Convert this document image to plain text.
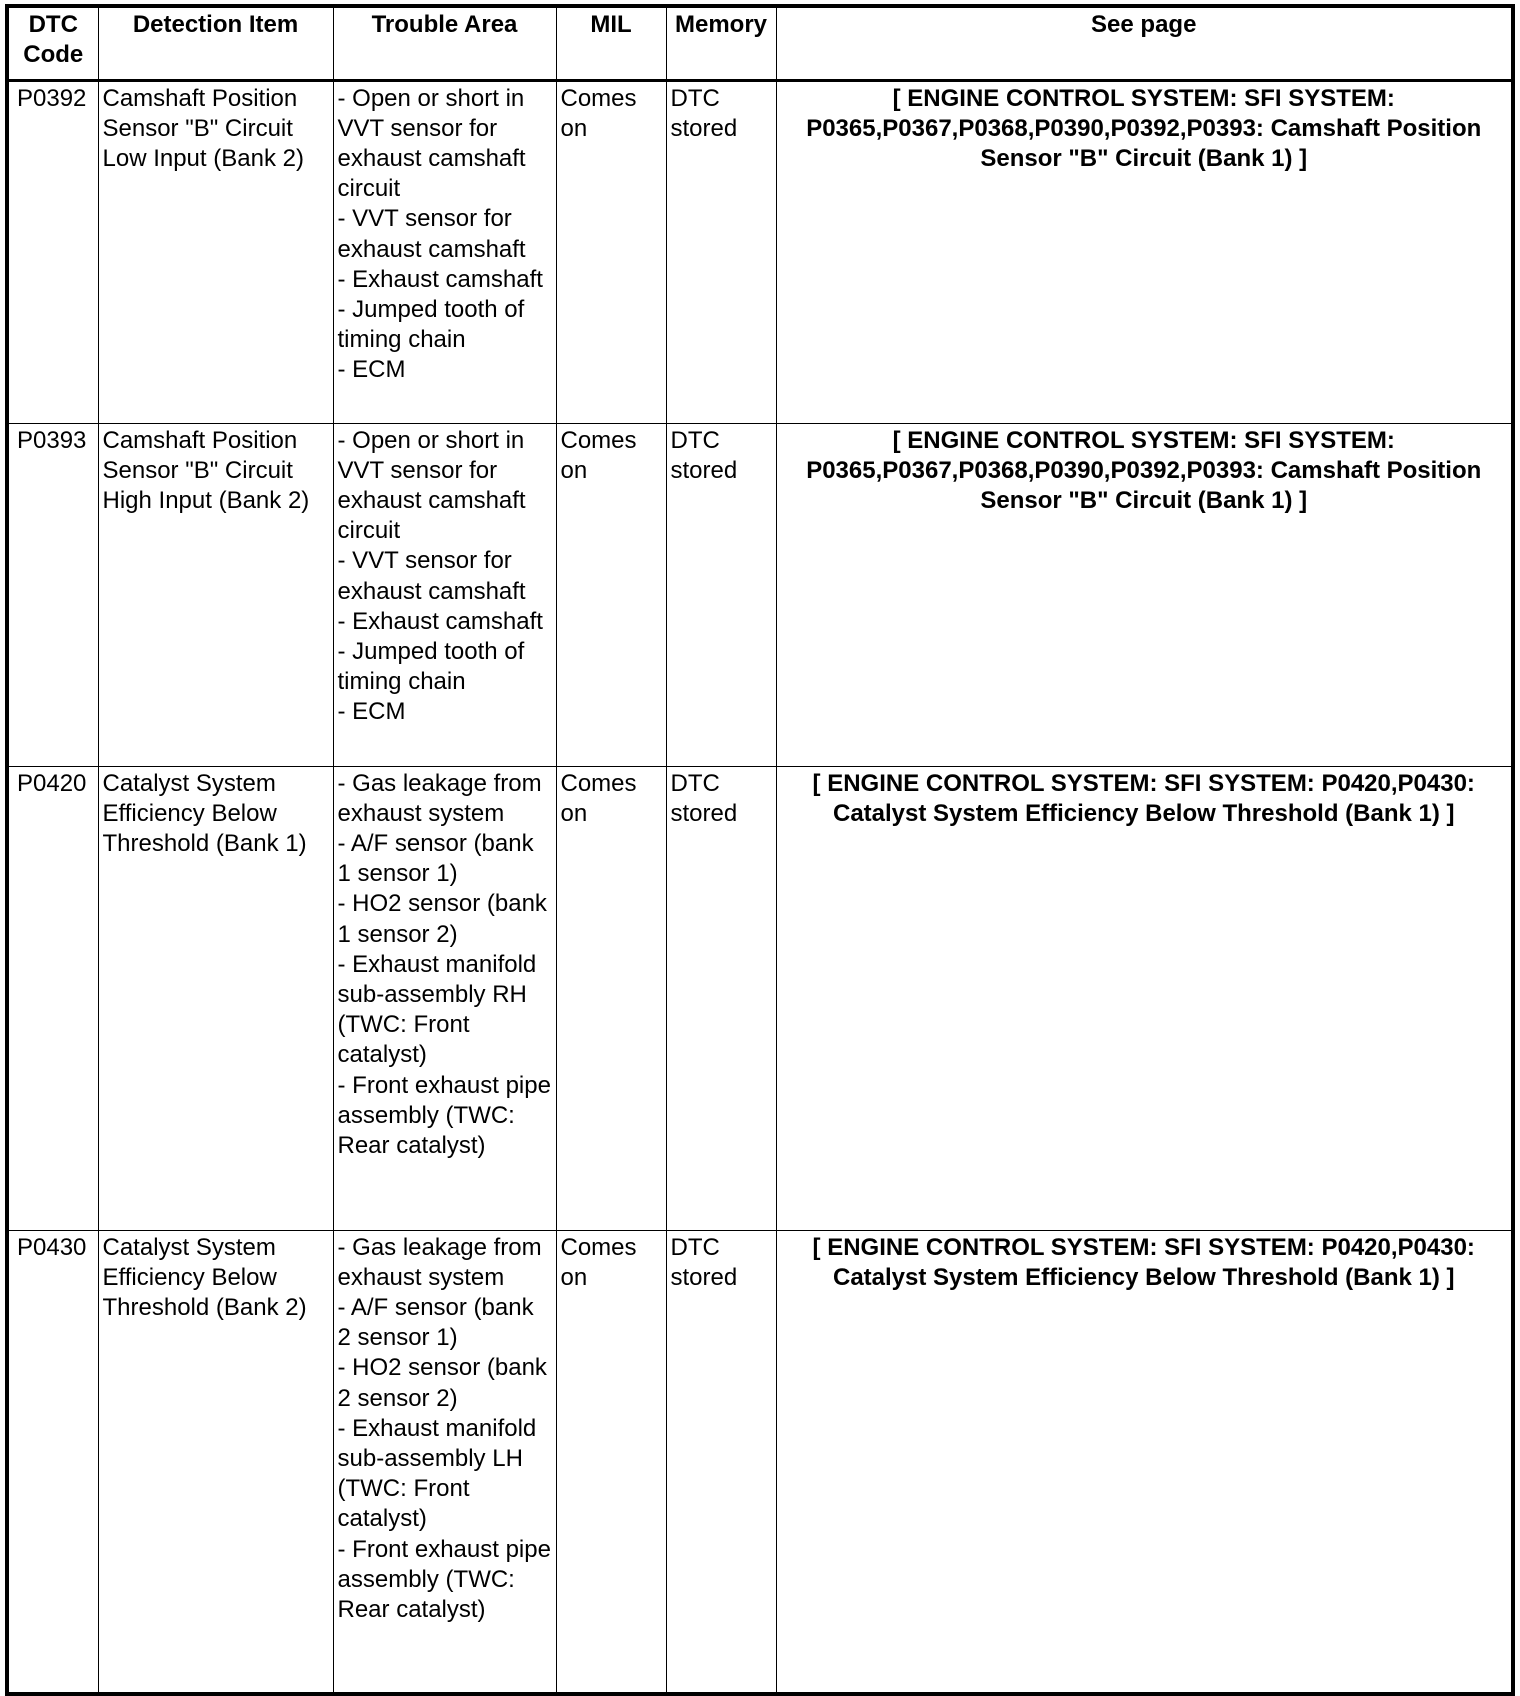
DTC
Code	Detection Item	Trouble Area	MIL	Memory	See page
P0392	Camshaft Position Sensor "B" Circuit Low Input (Bank 2)	- Open or short in VVT sensor for exhaust camshaft circuit
- VVT sensor for exhaust camshaft
- Exhaust camshaft
- Jumped tooth of timing chain
- ECM	Comes on	DTC stored	[ ENGINE CONTROL SYSTEM: SFI SYSTEM: P0365,P0367,P0368,P0390,P0392,P0393: Camshaft Position Sensor "B" Circuit (Bank 1) ]
P0393	Camshaft Position Sensor "B" Circuit High Input (Bank 2)	- Open or short in VVT sensor for exhaust camshaft circuit
- VVT sensor for exhaust camshaft
- Exhaust camshaft
- Jumped tooth of timing chain
- ECM	Comes on	DTC stored	[ ENGINE CONTROL SYSTEM: SFI SYSTEM: P0365,P0367,P0368,P0390,P0392,P0393: Camshaft Position Sensor "B" Circuit (Bank 1) ]
P0420	Catalyst System Efficiency Below Threshold (Bank 1)	- Gas leakage from exhaust system
- A/F sensor (bank 1 sensor 1)
- HO2 sensor (bank 1 sensor 2)
- Exhaust manifold sub-assembly RH (TWC: Front catalyst)
- Front exhaust pipe assembly (TWC: Rear catalyst)	Comes on	DTC stored	[ ENGINE CONTROL SYSTEM: SFI SYSTEM: P0420,P0430: Catalyst System Efficiency Below Threshold (Bank 1) ]
P0430	Catalyst System Efficiency Below Threshold (Bank 2)	- Gas leakage from exhaust system
- A/F sensor (bank 2 sensor 1)
- HO2 sensor (bank 2 sensor 2)
- Exhaust manifold sub-assembly LH (TWC: Front catalyst)
- Front exhaust pipe assembly (TWC: Rear catalyst)	Comes on	DTC stored	[ ENGINE CONTROL SYSTEM: SFI SYSTEM: P0420,P0430: Catalyst System Efficiency Below Threshold (Bank 1) ]
